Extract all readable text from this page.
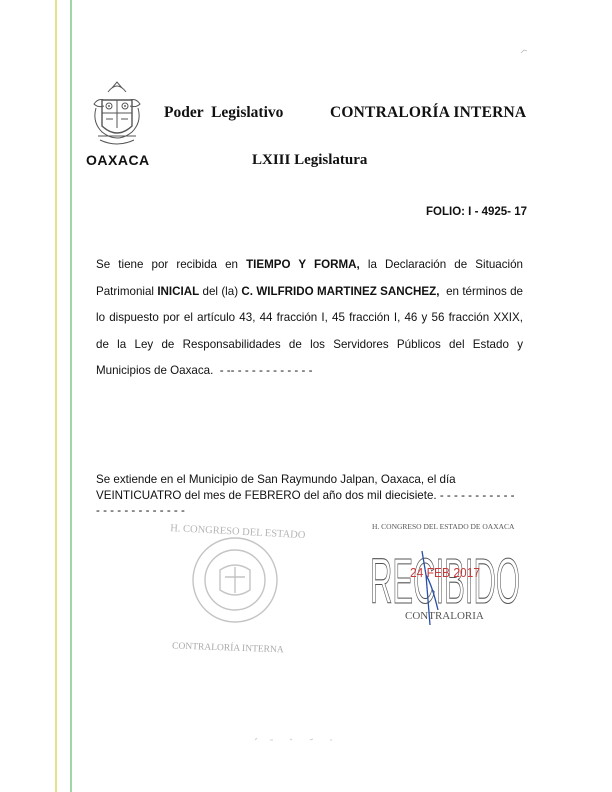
OAXACA
Poder  Legislativo	CONTRALORÍA INTERNA
LXIII Legislatura
FOLIO: I - 4925- 17
Se tiene por recibida en TIEMPO Y FORMA, la Declaración de Situación
Patrimonial INICIAL del (la) C. WILFRIDO MARTINEZ SANCHEZ,  en términos de
lo dispuesto por el artículo 43, 44 fracción I, 45 fracción I, 46 y 56 fracción XXIX,
de la Ley de Responsabilidades de los Servidores Públicos del Estado y
Municipios de Oaxaca.  - -- - - - - - - - - - - -
Se extiende en el Municipio de San Raymundo Jalpan, Oaxaca, el día
VEINTICUATRO del mes de FEBRERO del año dos mil diecisiete. - - - - - - - - - - -
- - - - - - - - - - - - -
H. CONGRESO DEL ESTADO
CONTRALORÍA INTERNA
H. CONGRESO DEL ESTADO DE OAXACA
RECIBIDO
24 FEB 2017
CONTRALORIA
